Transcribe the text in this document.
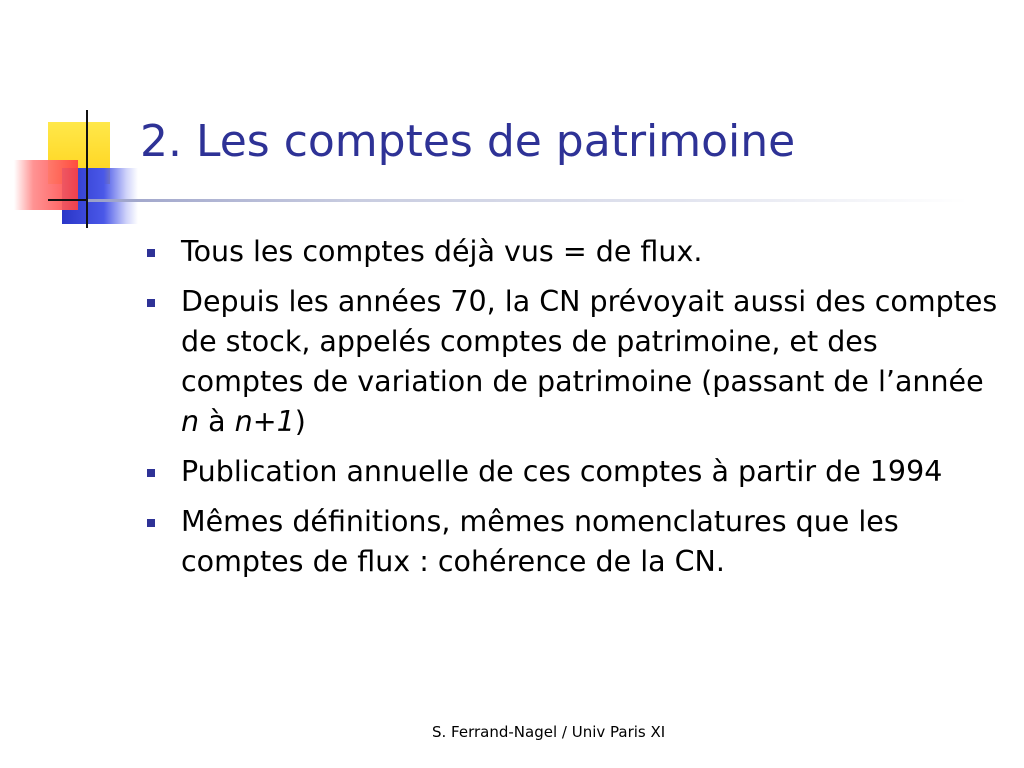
2. Les comptes de patrimoine
Tous les comptes déjà vus = de flux.
Depuis les années 70, la CN prévoyait aussi des comptes de stock, appelés comptes de patrimoine, et des comptes de variation de patrimoine (passant de l’année n à n+1)
Publication annuelle de ces comptes à partir de 1994
Mêmes définitions, mêmes nomenclatures que les comptes de flux : cohérence de la CN.
S. Ferrand-Nagel / Univ Paris XI
